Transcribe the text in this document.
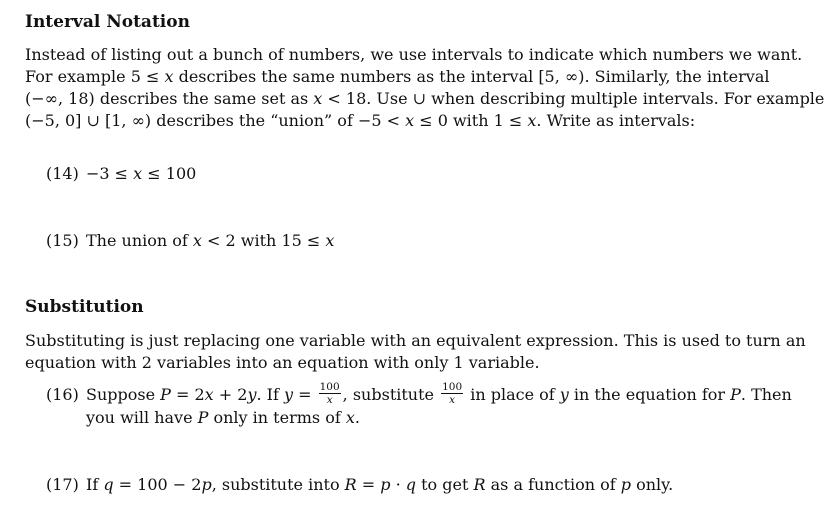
Interval Notation
Instead of listing out a bunch of numbers, we use intervals to indicate which numbers we want.
For example 5 ≤ 𝑥 describes the same numbers as the interval [5, ∞). Similarly, the interval
(−∞, 18) describes the same set as 𝑥 < 18. Use ∪ when describing multiple intervals. For example
(−5, 0] ∪ [1, ∞) describes the “union” of −5 < 𝑥 ≤ 0 with 1 ≤ 𝑥. Write as intervals:
(14) −3 ≤ 𝑥 ≤ 100
(15) The union of 𝑥 < 2 with 15 ≤ 𝑥
Substitution
Substituting is just replacing one variable with an equivalent expression. This is used to turn an
equation with 2 variables into an equation with only 1 variable.
(16) Suppose 𝑃 = 2𝑥 + 2𝑦. If 𝑦 = $\frac{100}{x}$ , substitute $\frac{100}{x}$ in place of 𝑦 in the equation for 𝑃. Then
you will have 𝑃 only in terms of 𝑥.
(17) If 𝑞 = 100 − 2𝑝, substitute into 𝑅 = 𝑝 · 𝑞 to get 𝑅 as a function of 𝑝 only.
